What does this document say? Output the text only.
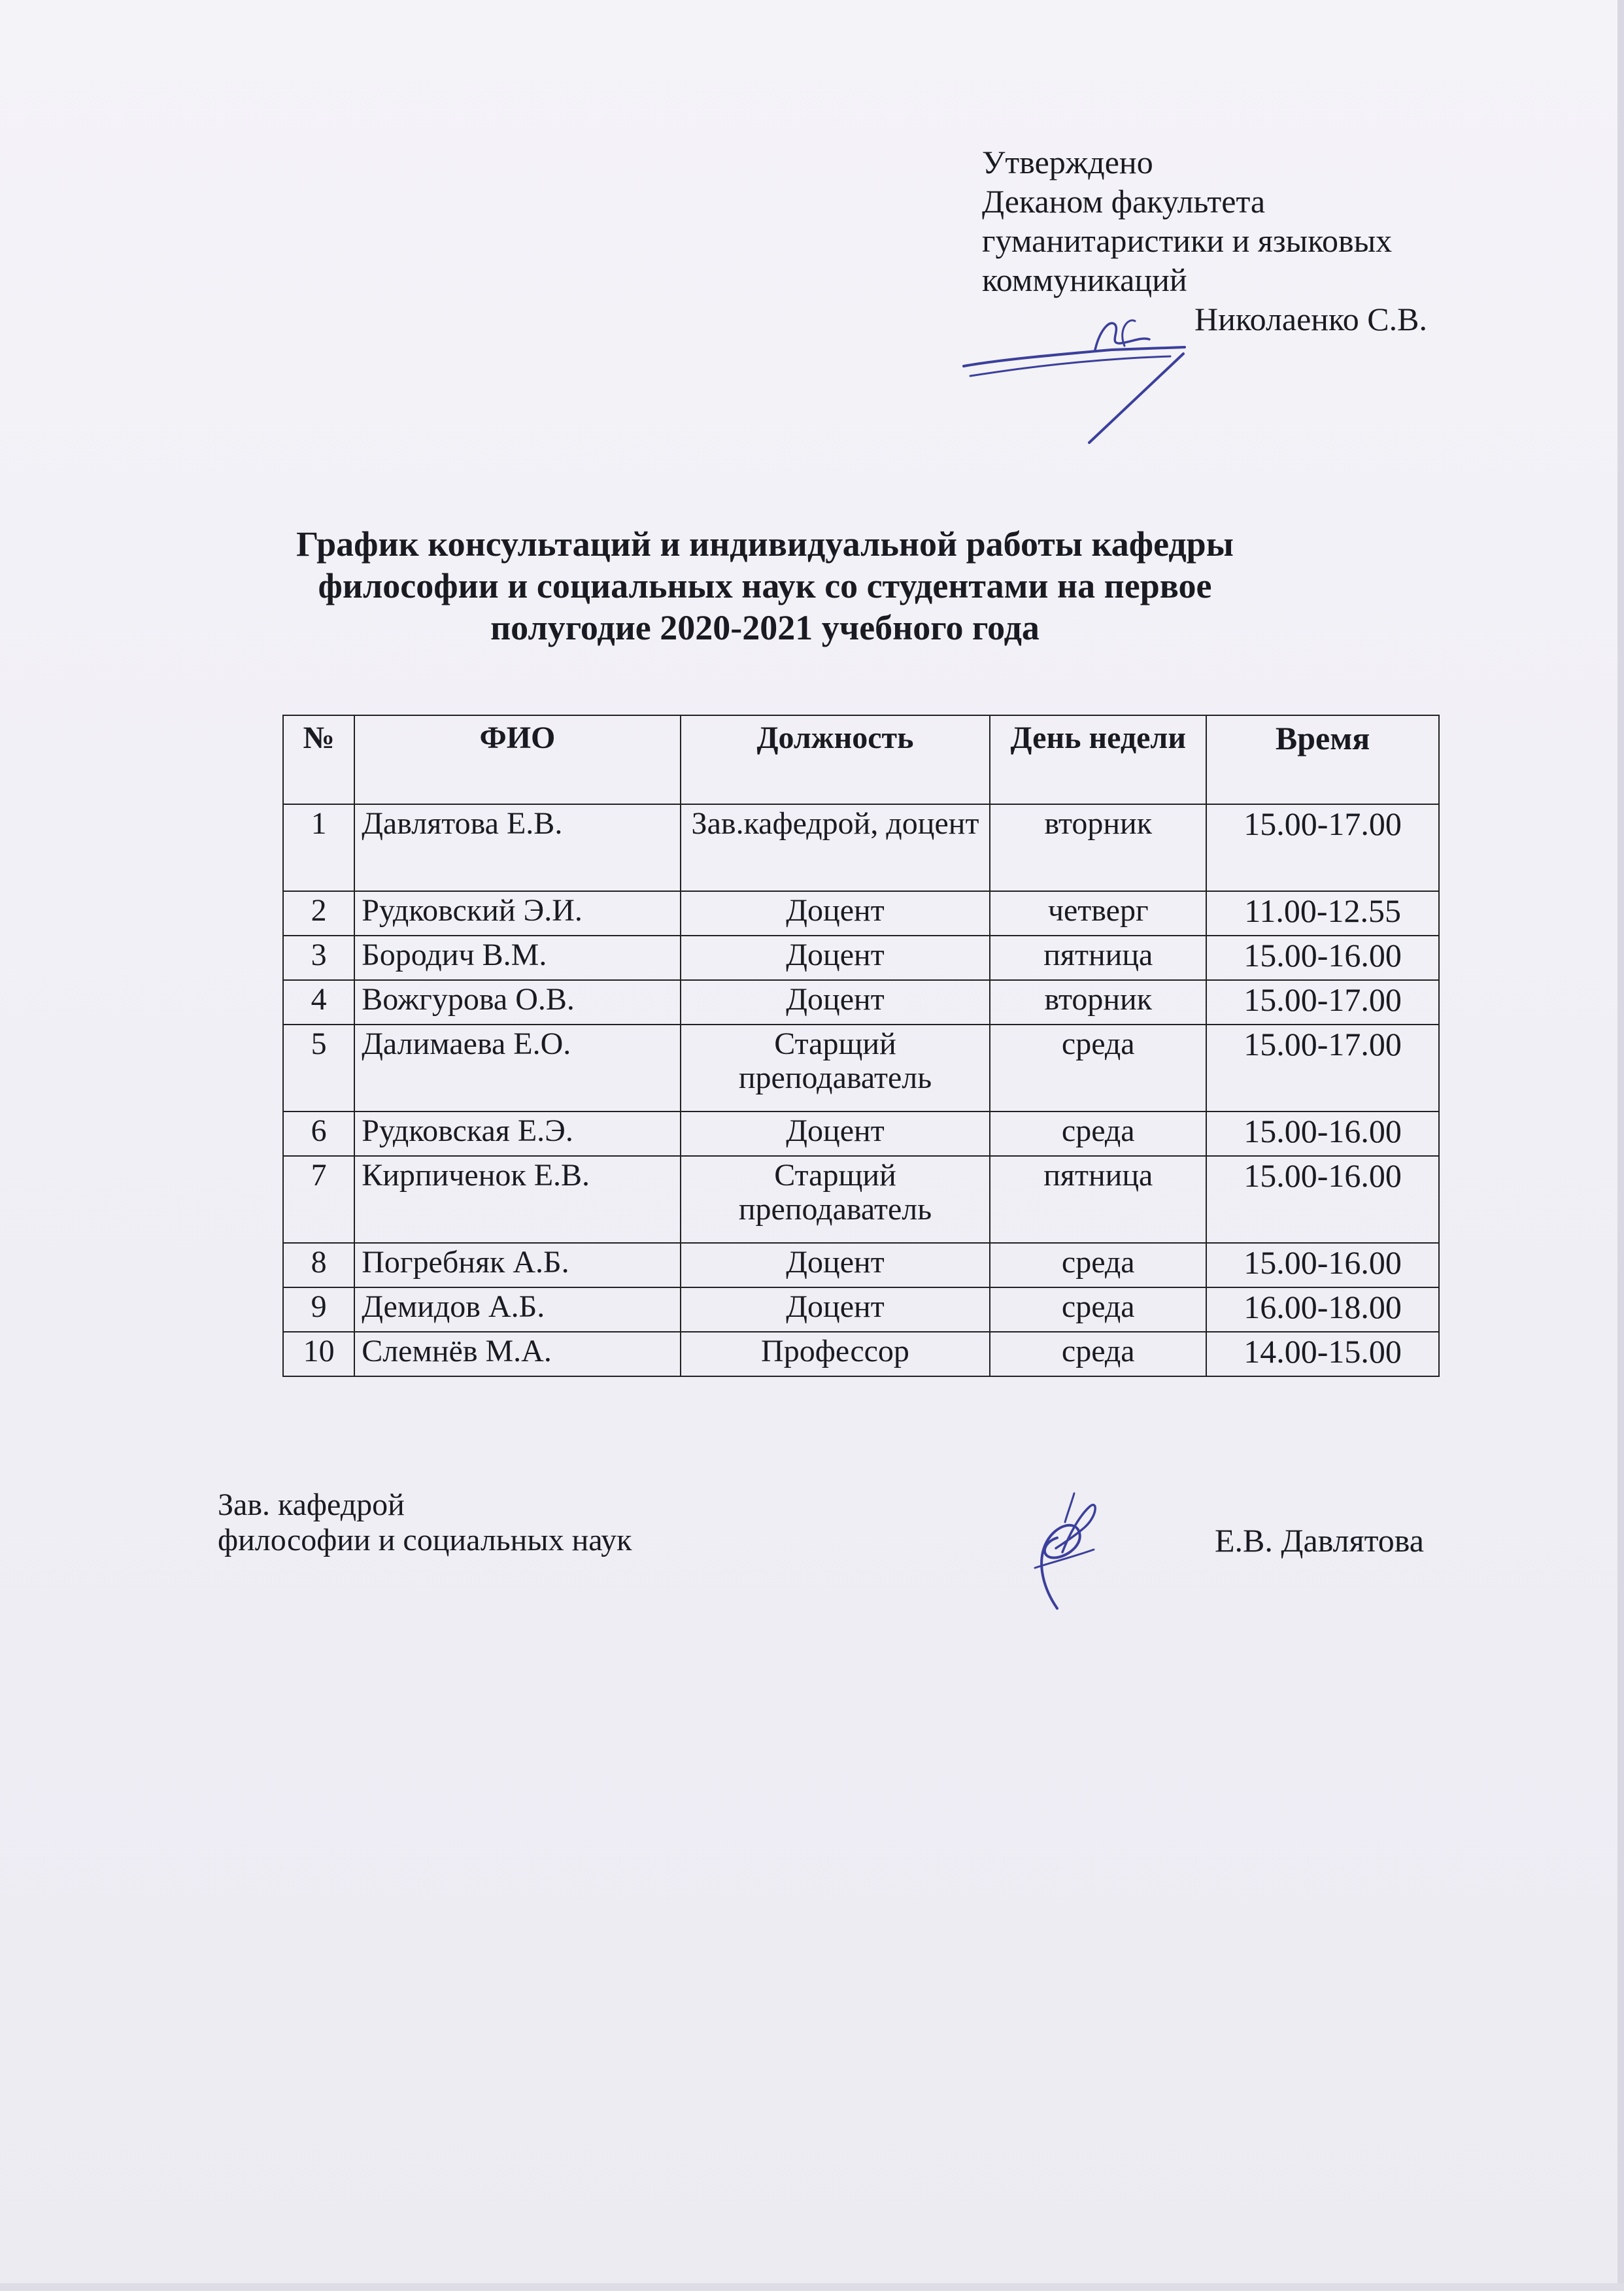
Утверждено
Деканом факультета
гуманитаристики и языковых
коммуникаций
Николаенко С.В.
График консультаций и индивидуальной работы кафедры
философии и социальных наук со студентами на первое
полугодие 2020-2021 учебного года
№	ФИО	Должность	День недели	Время
1	Давлятова Е.В.	Зав.кафедрой, доцент	вторник	15.00-17.00
2	Рудковский Э.И.	Доцент	четверг	11.00-12.55
3	Бородич В.М.	Доцент	пятница	15.00-16.00
4	Вожгурова О.В.	Доцент	вторник	15.00-17.00
5	Далимаева Е.О.	Старщий преподаватель	среда	15.00-17.00
6	Рудковская Е.Э.	Доцент	среда	15.00-16.00
7	Кирпиченок Е.В.	Старщий преподаватель	пятница	15.00-16.00
8	Погребняк А.Б.	Доцент	среда	15.00-16.00
9	Демидов А.Б.	Доцент	среда	16.00-18.00
10	Слемнёв М.А.	Профессор	среда	14.00-15.00
Зав. кафедрой
философии и социальных наук	Е.В. Давлятова
